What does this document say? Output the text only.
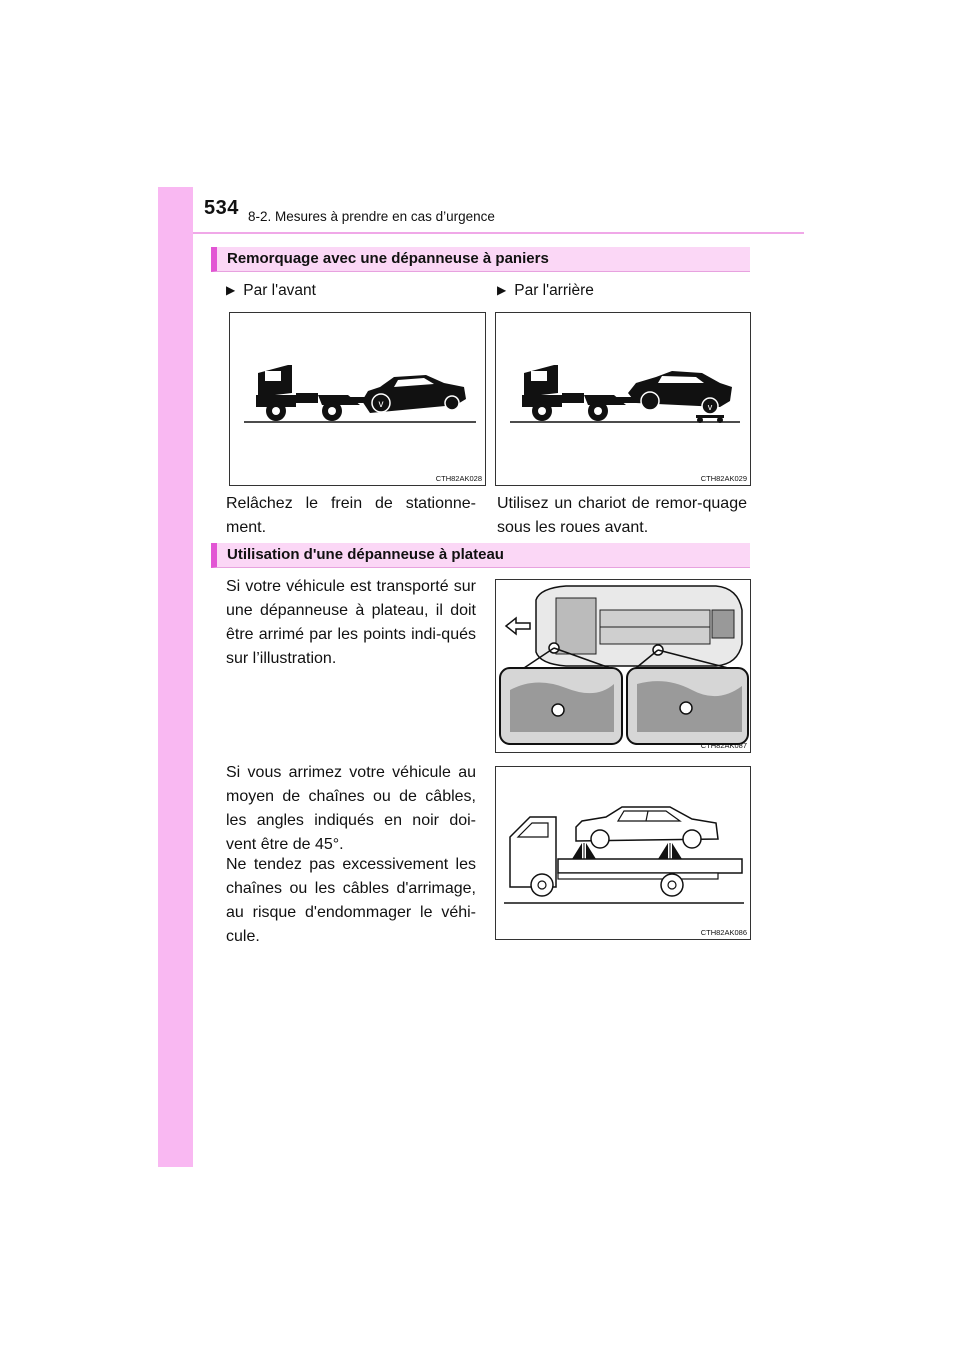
534 8-2. Mesures à prendre en cas d’urgence
Remorquage avec une dépanneuse à paniers
▶ Par l'avant	▶ Par l'arrière
v
CTH82AK028
v
CTH82AK029

Relâchez le frein de stationne-ment.

Utilisez un chariot de remor-quage sous les roues avant.

Utilisation d'une dépanneuse à plateau

Si votre véhicule est transporté sur une dépanneuse à plateau, il doit être arrimé par les points indi-qués sur l’illustration.

CTH82AK087

Si vous arrimez votre véhicule au moyen de chaînes ou de câbles, les angles indiqués en noir doi-vent être de 45°.

Ne tendez pas excessivement les chaînes ou les câbles d'arrimage, au risque d'endommager le véhi-cule.	CTH82AK086
